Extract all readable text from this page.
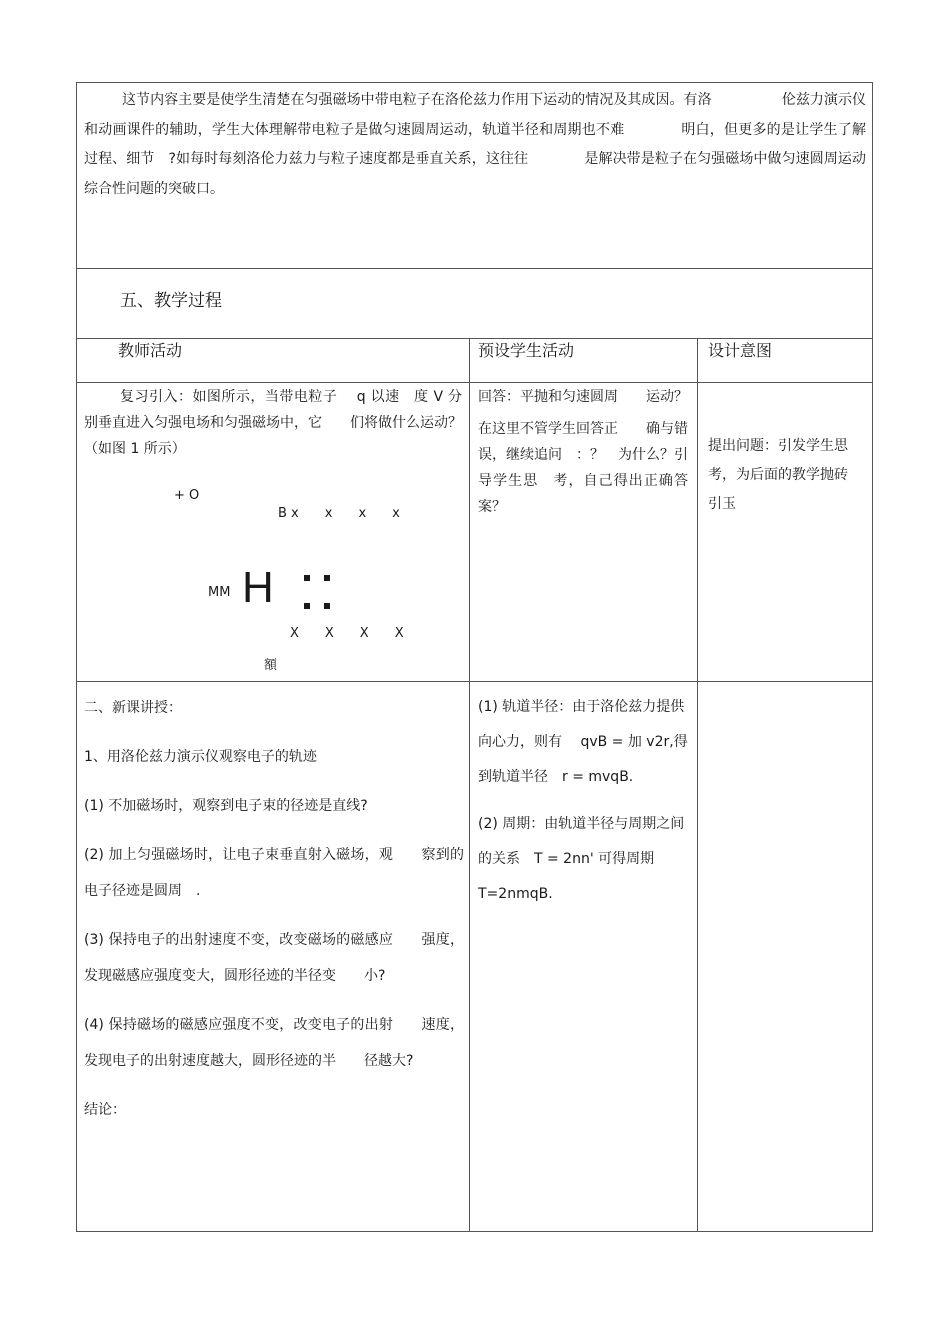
这节内容主要是使学生清楚在匀强磁场中带电粒子在洛伦兹力作用下运动的情况及其成因。有洛　　　　　伦兹力演示仪和动画课件的辅助，学生大体理解带电粒子是做匀速圆周运动，轨道半径和周期也不难　　　　明白，但更多的是让学生了解过程、细节　?如每时每刻洛伦力兹力与粒子速度都是垂直关系，这往往　　　　是解决带是粒子在匀强磁场中做匀速圆周运动综合性问题的突破口。

五、教学过程
教师活动	预设学生活动	设计意图

复习引入：如图所示，当带电粒子　 q 以速　度 V 分别垂直进入匀强电场和匀强磁场中，它　　们将做什么运动？（如图 1 所示）

+ O
B x　　x　　x　　x
MM H
X　　X　　X　　X
額

回答：平抛和匀速圆周　　运动？

在这里不管学生回答正　　确与错误，继续追问　：？　为什么？引导学生思　考，自己得出正确答案？

提出问题：引发学生思考，为后面的教学抛砖引玉

二、新课讲授：

1、用洛伦兹力演示仪观察电子的轨迹

(1) 不加磁场时，观察到电子束的径迹是直线?

(2) 加上匀强磁场时，让电子束垂直射入磁场，观　　察到的电子径迹是圆周　.

(3) 保持电子的出射速度不变，改变磁场的磁感应　　强度，发现磁感应强度变大，圆形径迹的半径变　　小?

(4) 保持磁场的磁感应强度不变，改变电子的出射　　速度，发现电子的出射速度越大，圆形径迹的半　　径越大?

结论：

(1) 轨道半径：由于洛伦兹力提供向心力，则有　 qvB = 加 v2r,得到轨道半径　r = mvqB.

(2) 周期：由轨道半径与周期之间的关系　T = 2nn' 可得周期　T=2nmqB.
